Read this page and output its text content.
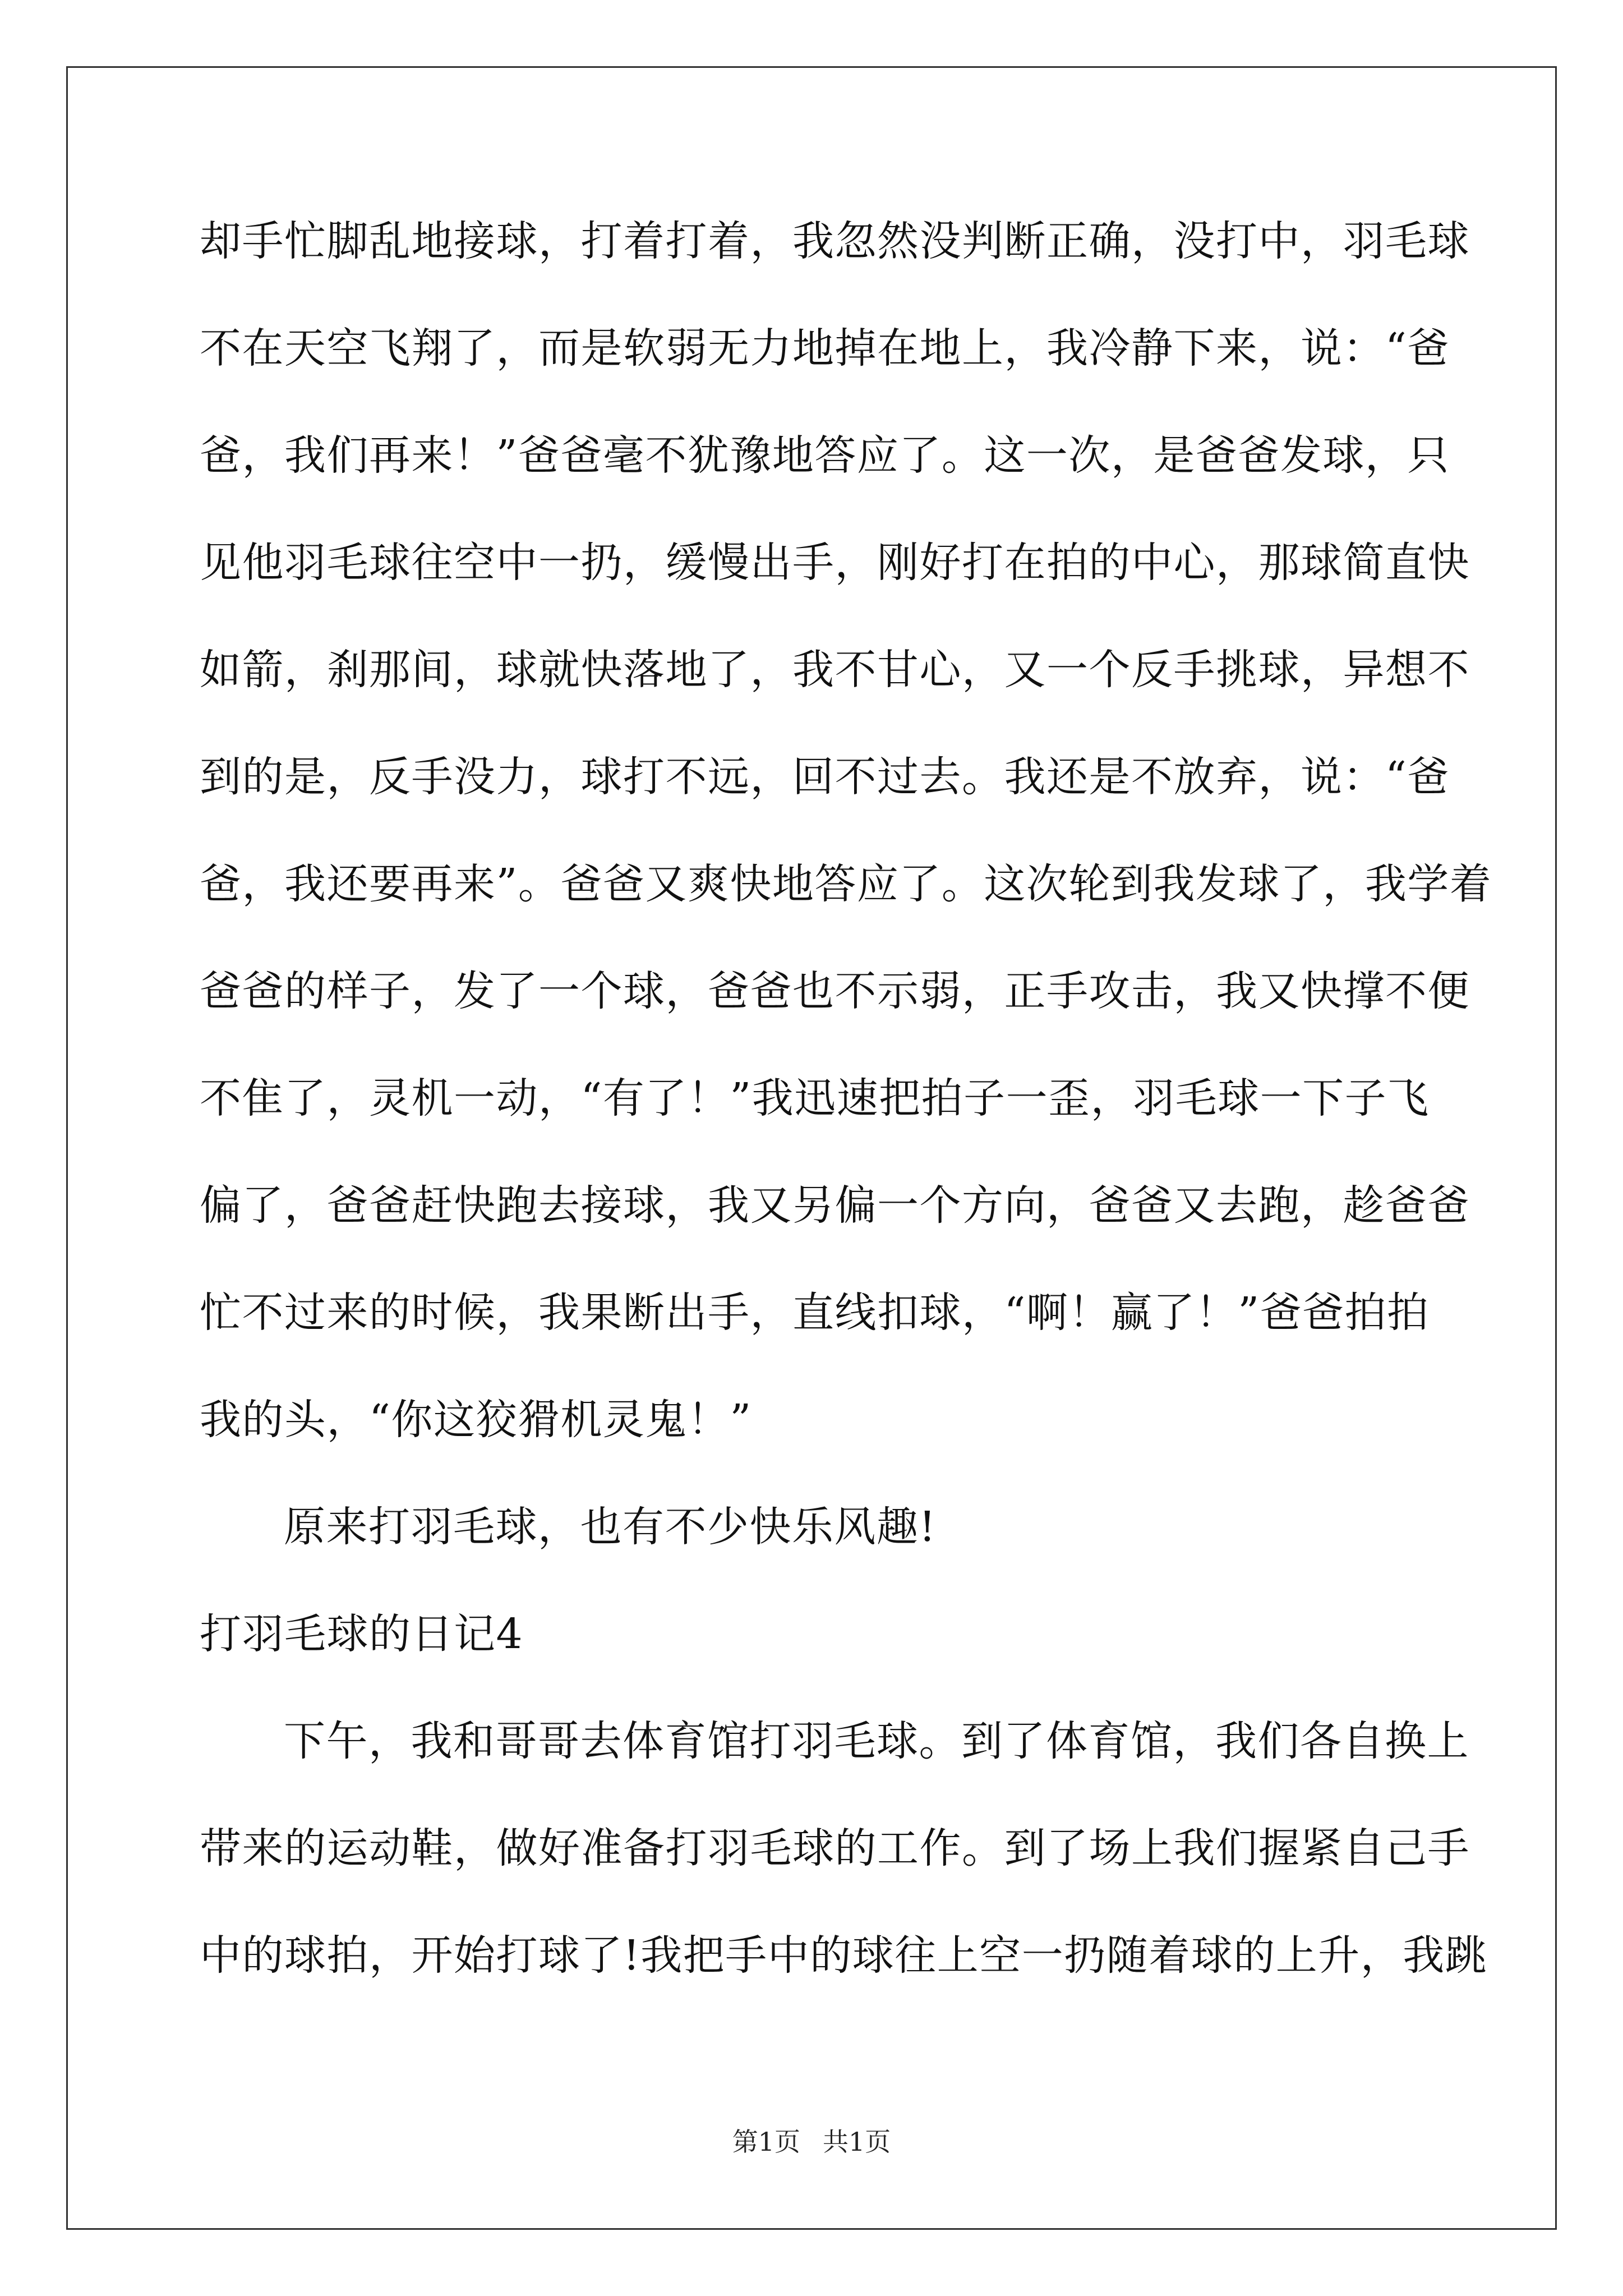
却手忙脚乱地接球，打着打着，我忽然没判断正确，没打中，羽毛球
不在天空飞翔了，而是软弱无力地掉在地上，我冷静下来，说：“爸
爸，我们再来！”爸爸毫不犹豫地答应了。这一次，是爸爸发球，只
见他羽毛球往空中一扔，缓慢出手，刚好打在拍的中心，那球简直快
如箭，刹那间，球就快落地了，我不甘心，又一个反手挑球，异想不
到的是，反手没力，球打不远，回不过去。我还是不放弃，说：“爸
爸，我还要再来”。爸爸又爽快地答应了。这次轮到我发球了，我学着
爸爸的样子，发了一个球，爸爸也不示弱，正手攻击，我又快撑不便
不隹了，灵机一动，“有了！”我迅速把拍子一歪，羽毛球一下子飞
偏了，爸爸赶快跑去接球，我又另偏一个方向，爸爸又去跑，趁爸爸
忙不过来的时候，我果断出手，直线扣球，“啊！赢了！”爸爸拍拍
我的头，“你这狡猾机灵鬼！”
原来打羽毛球，也有不少快乐风趣!
打羽毛球的日记4
下午，我和哥哥去体育馆打羽毛球。到了体育馆，我们各自换上
带来的运动鞋，做好准备打羽毛球的工作。到了场上我们握紧自己手
中的球拍，开始打球了!我把手中的球往上空一扔随着球的上升，我跳
第1页 共1页
